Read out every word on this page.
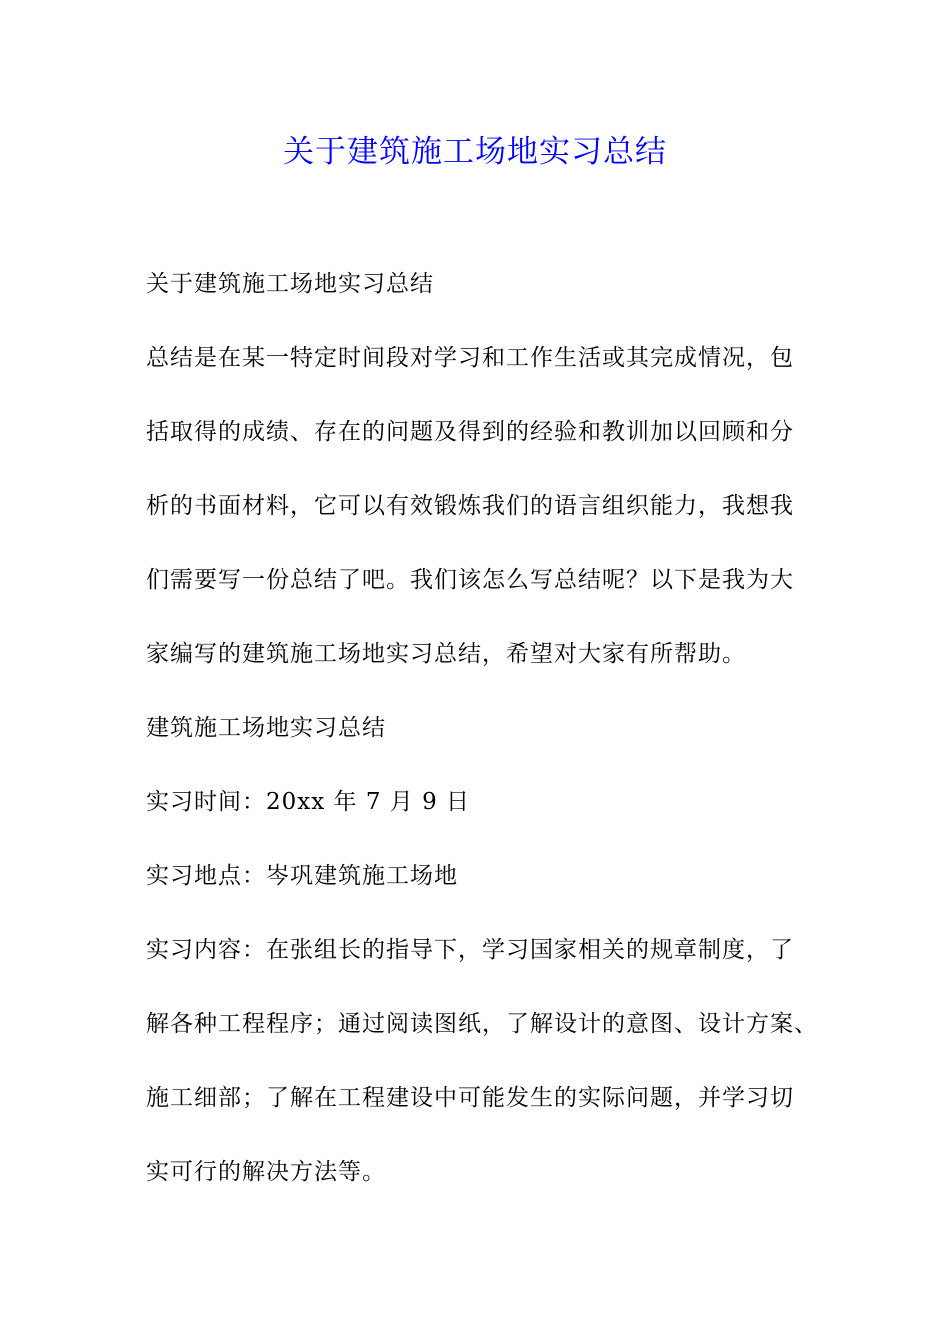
关于建筑施工场地实习总结
关于建筑施工场地实习总结
总结是在某一特定时间段对学习和工作生活或其完成情况，包
括取得的成绩、存在的问题及得到的经验和教训加以回顾和分
析的书面材料，它可以有效锻炼我们的语言组织能力，我想我
们需要写一份总结了吧。我们该怎么写总结呢？以下是我为大
家编写的建筑施工场地实习总结，希望对大家有所帮助。
建筑施工场地实习总结
实习时间：20xx 年 7 月 9 日
实习地点：岑巩建筑施工场地
实习内容：在张组长的指导下，学习国家相关的规章制度，了
解各种工程程序；通过阅读图纸，了解设计的意图、设计方案、
施工细部；了解在工程建设中可能发生的实际问题，并学习切
实可行的解决方法等。
